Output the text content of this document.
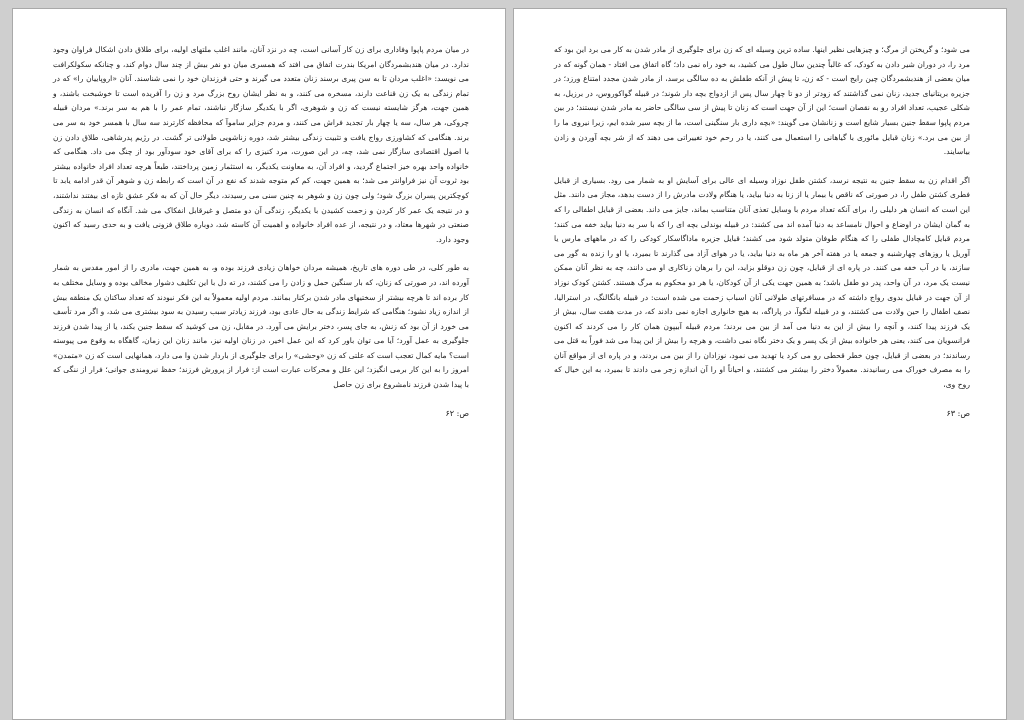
در میان مردم پاپوا وفاداری برای زن کار آسانی است، چه در نزد آنان، مانند اغلب ملتهای اولیه، برای طلاق دادن اشکال فراوان وجود ندارد. در میان هندبشمردگان امریکا بندرت اتفاق می افتد که همسری میان دو نفر بیش از چند سال دوام کند، و چنانکه سکولکرافت می نویسد: «اغلب مردان تا به سن پیری برسند زنان متعدد می گیرند و حتی فرزندان خود را نمی شناسند. آنان «اروپاییان را» که در تمام زندگی به یک زن قناعت دارند، مسخره می کنند، و به نظر ایشان روح بزرگ مرد و زن را آفریده است تا خوشبخت باشند، و همین جهت، هرگز شایسته نیست که زن و شوهری، اگر با یکدیگر سازگار نباشند، تمام عمر را با هم به سر برند.» مردان قبیله چروکی، هر سال، سه یا چهار بار تجدید فراش می کنند، و مردم جزایر ساموآ که محافظه کارترند سه سال با همسر خود به سر می برند. هنگامی که کشاورزی رواج یافت و تثبیت زندگی بیشتر شد، دوره زناشویی طولانی تر گشت. در رژیم پدرشاهی، طلاق دادن زن با اصول اقتصادی سازگار نمی شد، چه، در این صورت، مرد کنیزی را که برای آقای خود سودآور بود از چنگ می داد. هنگامی که خانواده واحد بهره خیز اجتماع گردید، و افراد آن، به معاونت یکدیگر، به استثمار زمین پرداختند، طبعاً هرچه تعداد افراد خانواده بیشتر بود ثروت آن نیز فراوانتر می شد؛ به همین جهت، کم کم متوجه شدند که نفع در آن است که رابطه زن و شوهر آن قدر ادامه یابد تا کوچکترین پسران بزرگ شود؛ ولی چون زن و شوهر به چنین سنی می رسیدند، دیگر حال آن که به فکر عشق تازه ای بیفتند نداشتند، و در نتیجه یک عمر کار کردن و زحمت کشیدن با یکدیگر، زندگی آن دو متصل و غیرقابل انفکاک می شد. آنگاه که انسان به زندگی صنعتی در شهرها معتاد، و در نتیجه، از عده افراد خانواده و اهمیت آن کاسته شد، دوباره طلاق فزونی یافت و به حدی رسید که اکنون وجود دارد.

به طور کلی، در طی دوره های تاریخ، همیشه مردان خواهان زیادی فرزند بوده و، به همین جهت، مادری را از امور مقدس به شمار آورده اند، در صورتی که زنان، که بار سنگین حمل و زادن را می کشند، در ته دل با این تکلیف دشوار مخالف بوده و وسایل مختلف به کار برده اند تا هرچه بیشتر از سختیهای مادر شدن برکنار بمانند. مردم اولیه معمولاً به این فکر نبودند که تعداد ساکنان یک منطقه بیش از اندازه زیاد نشود؛ هنگامی که شرایط زندگی به حال عادی بود، فرزند زیادتر سبب رسیدن به سود بیشتری می شد، و اگر مرد تأسف می خورد از آن بود که زنش، به جای پسر، دختر برایش می آورد. در مقابل، زن می کوشید که سقط جنین بکند، یا از پیدا شدن فرزند جلوگیری به عمل آورد؛ آیا می توان باور کرد که این عمل اخیر، در زنان اولیه نیز، مانند زنان این زمان، گاهگاه به وقوع می پیوسته است؟ مایه کمال تعجب است که علتی که زن «وحشی» را برای جلوگیری از باردار شدن وا می دارد، همانهایی است که زن «متمدن» امروز را به این کار برمی انگیزد؛ این علل و محرکات عبارت است از: فرار از پرورش فرزند؛ حفظ نیرومندی جوانی؛ فرار از ننگی که با پیدا شدن فرزند نامشروع برای زن حاصل

ص: ۶۲

می شود؛ و گریختن از مرگ؛ و چیزهایی نظیر اینها. ساده ترین وسیله ای که زن برای جلوگیری از مادر شدن به کار می برد این بود که مرد را، در دوران شیر دادن به کودک، که غالباً چندین سال طول می کشید، به خود راه نمی داد؛ گاه اتفاق می افتاد - همان گونه که در میان بعضی از هندبشمردگان چین رایج است - که زن، تا پیش از آنکه طفلش به ده سالگی برسد، از مادر شدن مجدد امتناع ورزد؛ در جزیره بریتانیای جدید، زنان نمی گذاشتند که زودتر از دو تا چهار سال پس از ازدواج بچه دار شوند؛ در قبیله گواکوروس، در برزیل، به شکلی عجیب، تعداد افراد رو به نقصان است؛ این از آن جهت است که زنان تا پیش از سی سالگی حاضر به مادر شدن نیستند؛ در بین مردم پاپوا سقط جنین بسیار شایع است و زنانشان می گویند: «بچه داری بار سنگینی است، ما از بچه سیر شده ایم، زیرا نیروی ما را از بین می برد.» زنان قبایل مائوری با گیاهانی را استعمال می کنند، یا در رحم خود تغییراتی می دهند که از شر بچه آوردن و زادن بیاسایند.

اگر اقدام زن به سقط جنین به نتیجه نرسد، کشتن طفل نوزاد وسیله ای عالی برای آسایش او به شمار می رود. بسیاری از قبایل فطری کشتن طفل را، در صورتی که ناقص یا بیمار یا از زنا به دنیا بیاید، یا هنگام ولادت مادرش را از دست بدهد، مجاز می دانند. مثل این است که انسان هر دلیلی را، برای آنکه تعداد مردم با وسایل تعذی آنان متناسب بماند، جایز می داند. بعضی از قبایل اطفالی را که به گمان ایشان در اوضاع و احوال نامساعد به دنیا آمده اند می کشند: در قبیله بوندلی بچه ای را که با سر به دنیا بیاید خفه می کنند؛ مردم قبایل کامچادال طفلی را که هنگام طوفان متولد شود می کشند؛ قبایل جزیره ماداگاسکار کودکی را که در ماههای مارس یا آوریل یا روزهای چهارشنبه و جمعه یا در هفته آخر هر ماه به دنیا بیاید، یا در هوای آزاد می گذارند تا بمیرد، یا او را زنده به گور می سازند، یا در آب خفه می کنند. در پاره ای از قبایل، چون زن دوقلو بزاید، این را برهان زناکاری او می دانند، چه به نظر آنان ممکن نیست یک مرد، در آن واحد، پدر دو طفل باشد؛ به همین جهت یکی از آن کودکان، یا هر دو محکوم به مرگ هستند. کشتن کودک نوزاد از آن جهت در قبایل بدوی رواج داشته که در مسافرتهای طولانی آنان اسباب زحمت می شده است: در قبیله بانگالنگ، در استرالیا، نصف اطفال را حین ولادت می کشتند، و در قبیله لنگوآ، در پاراگه، به هیچ خانواری اجازه نمی دادند که، در مدت هفت سال، بیش از یک فرزند پیدا کنند، و آنچه را بیش از این به دنیا می آمد از بین می بردند؛ مردم قبیله آبیپون همان کار را می کردند که اکنون فرانسویان می کنند، یعنی هر خانواده بیش از یک پسر و یک دختر نگاه نمی داشت، و هرچه را بیش از این پیدا می شد فوراً به قتل می رساندند؛ در بعضی از قبایل، چون خطر قحطی رو می کرد یا تهدید می نمود، نوزادان را از بین می بردند، و در پاره ای از مواقع آنان را به مصرف خوراک می رسانیدند. معمولاً دختر را بیشتر می کشتند، و احیاناً او را آن اندازه زجر می دادند تا بمیرد، به این خیال که روح وی،

ص: ۶۳
